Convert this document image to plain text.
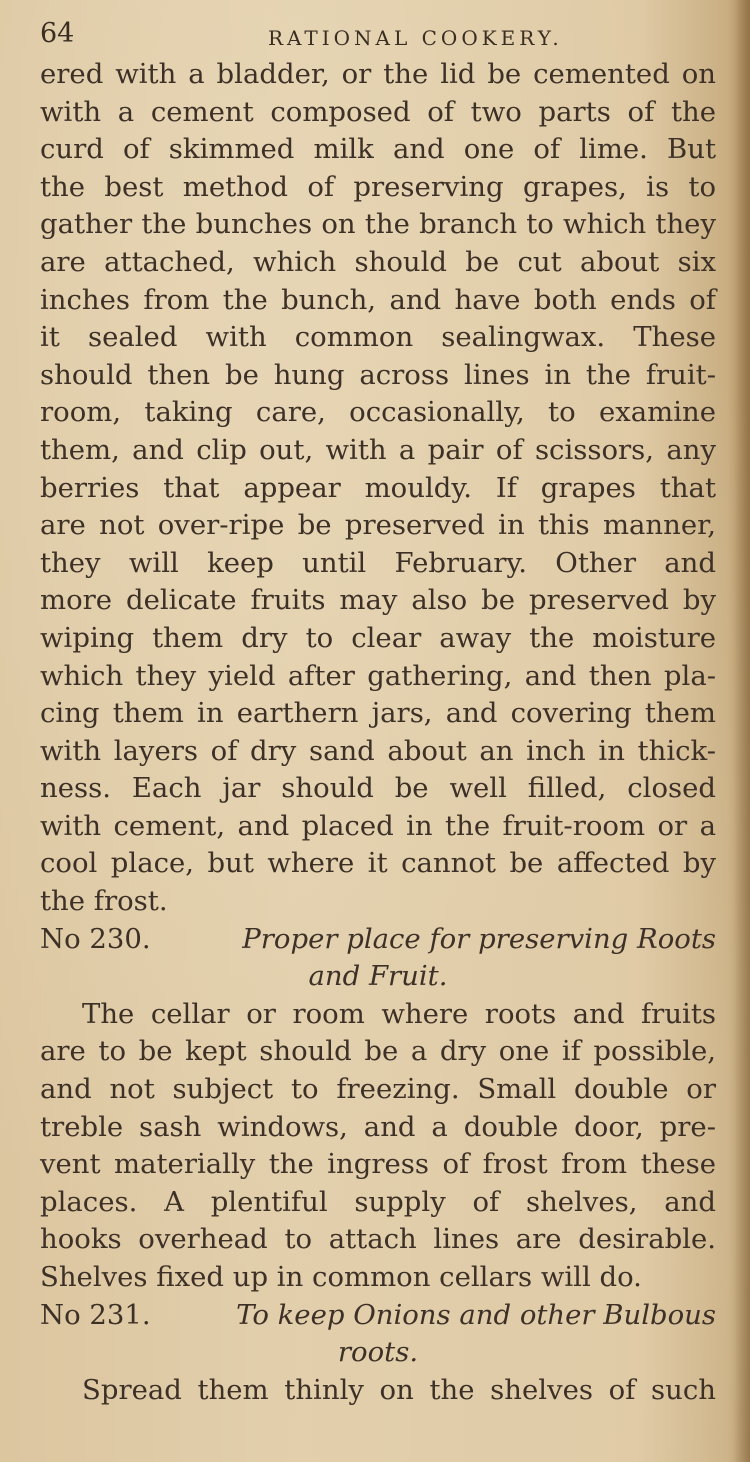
64	RATIONAL COOKERY.
ered with a bladder, or the lid be cemented on
with a cement composed of two parts of the
curd of skimmed milk and one of lime. But
the best method of preserving grapes, is to
gather the bunches on the branch to which they
are attached, which should be cut about six
inches from the bunch, and have both ends of
it sealed with common sealingwax. These
should then be hung across lines in the fruit-
room, taking care, occasionally, to examine
them, and clip out, with a pair of scissors, any
berries that appear mouldy. If grapes that
are not over-ripe be preserved in this manner,
they will keep until February. Other and
more delicate fruits may also be preserved by
wiping them dry to clear away the moisture
which they yield after gathering, and then pla-
cing them in earthern jars, and covering them
with layers of dry sand about an inch in thick-
ness. Each jar should be well filled, closed
with cement, and placed in the fruit-room or a
cool place, but where it cannot be affected by
the frost.
No 230.	Proper place for preserving Roots
and Fruit.
The cellar or room where roots and fruits
are to be kept should be a dry one if possible,
and not subject to freezing. Small double or
treble sash windows, and a double door, pre-
vent materially the ingress of frost from these
places. A plentiful supply of shelves, and
hooks overhead to attach lines are desirable.
Shelves fixed up in common cellars will do.
No 231.	To keep Onions and other Bulbous
roots.
Spread them thinly on the shelves of such
